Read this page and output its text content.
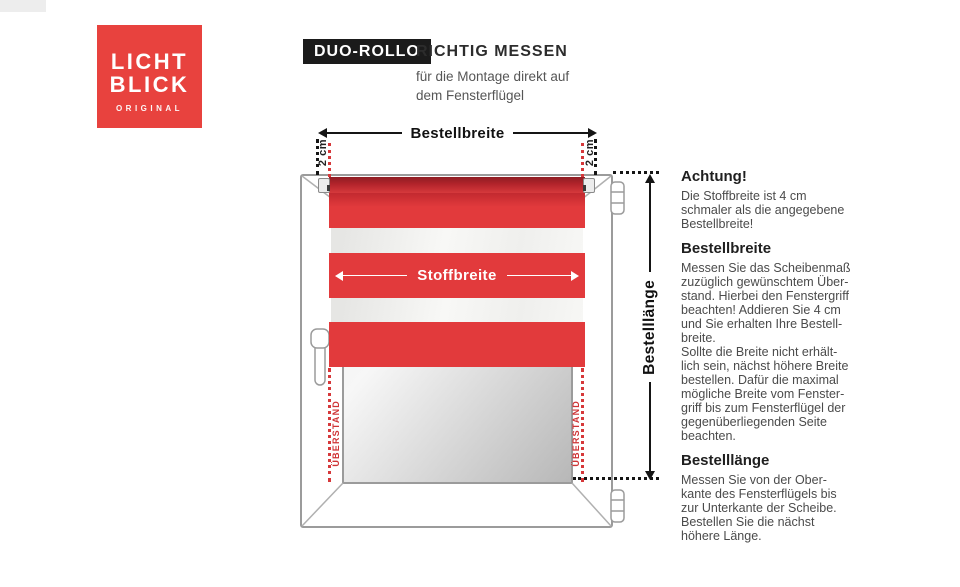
LICHT
BLICK
ORIGINAL
DUO-ROLLO
RICHTIG MESSEN
für die Montage direkt auf
dem Fensterflügel
Stoffbreite
Bestellbreite
2 cm	2 cm
ÜBERSTAND	ÜBERSTAND
Bestelllänge
Achtung!
Die Stoffbreite ist 4 cm
schmaler als die angegebene
Bestellbreite!
Bestellbreite
Messen Sie das Scheibenmaß
zuzüglich gewünschtem Über-
stand. Hierbei den Fenstergriff
beachten! Addieren Sie 4 cm
und Sie erhalten Ihre Bestell-
breite.
Sollte die Breite nicht erhält-
lich sein, nächst höhere Breite
bestellen. Dafür die maximal
mögliche Breite vom Fenster-
griff bis zum Fensterflügel der
gegenüberliegenden Seite
beachten.
Bestelllänge
Messen Sie von der Ober-
kante des Fensterflügels bis
zur Unterkante der Scheibe.
Bestellen Sie die nächst
höhere Länge.
